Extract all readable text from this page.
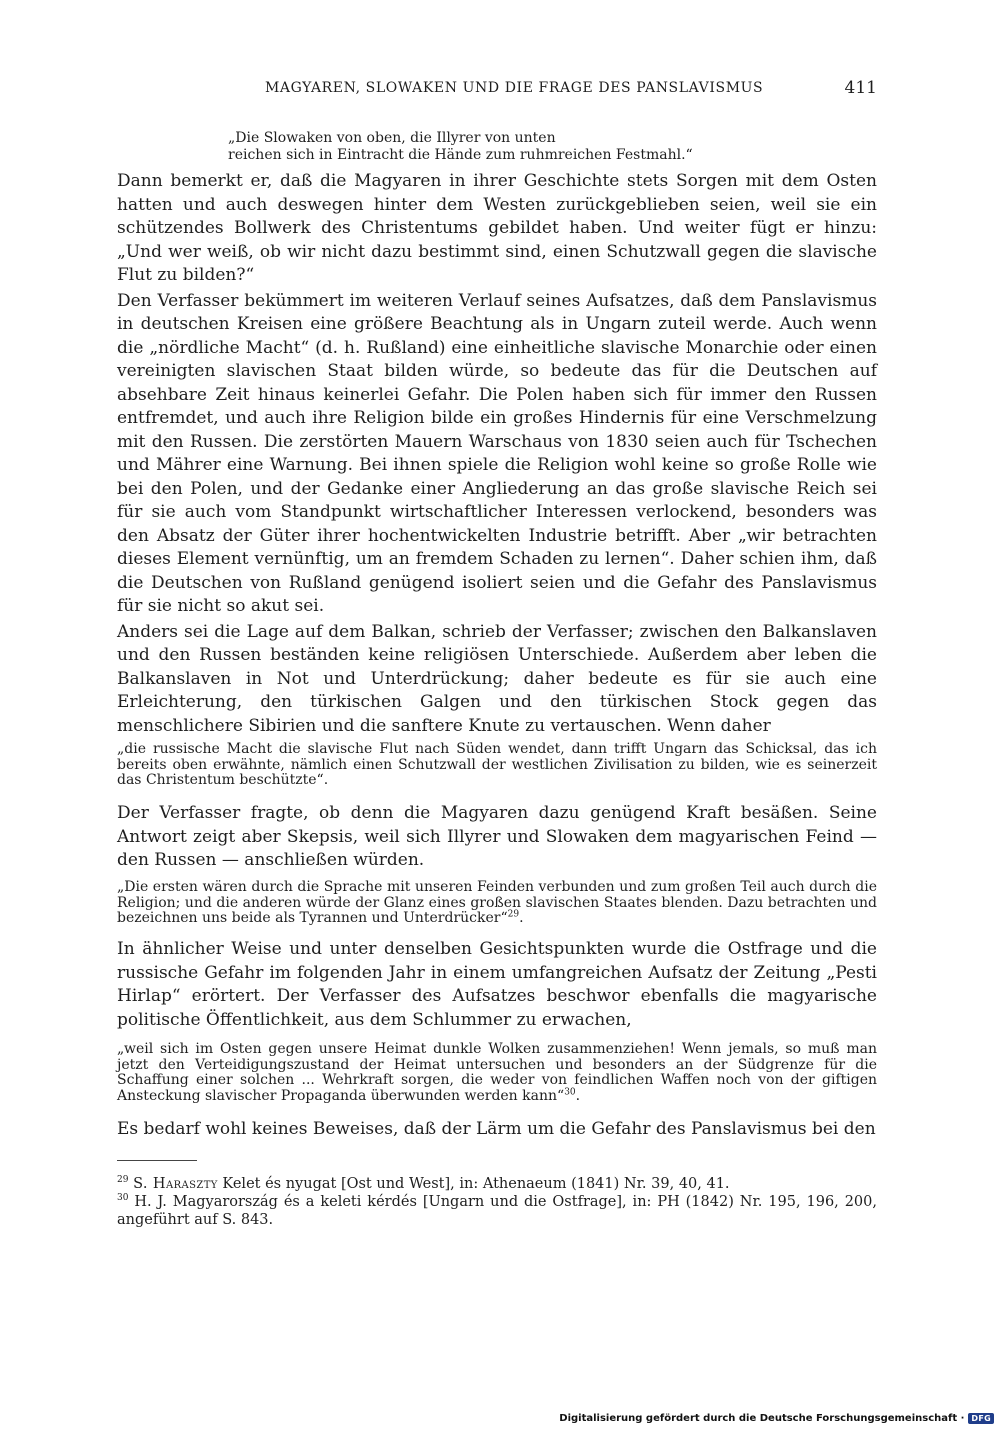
MAGYAREN, SLOWAKEN UND DIE FRAGE DES PANSLAVISMUS	411
„Die Slowaken von oben, die Illyrer von unten
reichen sich in Eintracht die Hände zum ruhmreichen Festmahl.“

Dann bemerkt er, daß die Magyaren in ihrer Geschichte stets Sorgen mit dem Osten hatten und auch deswegen hinter dem Westen zurückgeblieben seien, weil sie ein schützendes Bollwerk des Christentums gebildet haben. Und weiter fügt er hinzu: „Und wer weiß, ob wir nicht dazu bestimmt sind, einen Schutzwall gegen die slavische Flut zu bilden?“

Den Verfasser bekümmert im weiteren Verlauf seines Aufsatzes, daß dem Panslavismus in deutschen Kreisen eine größere Beachtung als in Ungarn zuteil werde. Auch wenn die „nördliche Macht“ (d. h. Rußland) eine einheitliche slavische Monarchie oder einen vereinigten slavischen Staat bilden würde, so bedeute das für die Deutschen auf absehbare Zeit hinaus keinerlei Gefahr. Die Polen haben sich für immer den Russen entfremdet, und auch ihre Religion bilde ein großes Hindernis für eine Verschmelzung mit den Russen. Die zerstörten Mauern Warschaus von 1830 seien auch für Tschechen und Mährer eine Warnung. Bei ihnen spiele die Religion wohl keine so große Rolle wie bei den Polen, und der Gedanke einer Angliederung an das große slavische Reich sei für sie auch vom Standpunkt wirtschaftlicher Interessen verlockend, besonders was den Absatz der Güter ihrer hochentwickelten Industrie betrifft. Aber „wir betrachten dieses Element vernünftig, um an fremdem Schaden zu lernen“. Daher schien ihm, daß die Deutschen von Rußland genügend isoliert seien und die Gefahr des Panslavismus für sie nicht so akut sei.

Anders sei die Lage auf dem Balkan, schrieb der Verfasser; zwischen den Balkanslaven und den Russen beständen keine religiösen Unterschiede. Außerdem aber leben die Balkanslaven in Not und Unterdrückung; daher bedeute es für sie auch eine Erleichterung, den türkischen Galgen und den türkischen Stock gegen das menschlichere Sibirien und die sanftere Knute zu vertauschen. Wenn daher

„die russische Macht die slavische Flut nach Süden wendet, dann trifft Ungarn das Schicksal, das ich bereits oben erwähnte, nämlich einen Schutzwall der westlichen Zivilisation zu bilden, wie es seinerzeit das Christentum beschützte“.

Der Verfasser fragte, ob denn die Magyaren dazu genügend Kraft besäßen. Seine Antwort zeigt aber Skepsis, weil sich Illyrer und Slowaken dem magyarischen Feind — den Russen — anschließen würden.

„Die ersten wären durch die Sprache mit unseren Feinden verbunden und zum großen Teil auch durch die Religion; und die anderen würde der Glanz eines großen slavischen Staates blenden. Dazu betrachten und bezeichnen uns beide als Tyrannen und Unterdrücker“$^{29}$.

In ähnlicher Weise und unter denselben Gesichtspunkten wurde die Ostfrage und die russische Gefahr im folgenden Jahr in einem umfangreichen Aufsatz der Zeitung „Pesti Hirlap“ erörtert. Der Verfasser des Aufsatzes beschwor ebenfalls die magyarische politische Öffentlichkeit, aus dem Schlummer zu erwachen,

„weil sich im Osten gegen unsere Heimat dunkle Wolken zusammenziehen! Wenn jemals, so muß man jetzt den Verteidigungszustand der Heimat untersuchen und besonders an der Südgrenze für die Schaffung einer solchen ... Wehrkraft sorgen, die weder von feindlichen Waffen noch von der giftigen Ansteckung slavischer Propaganda überwunden werden kann“$^{30}$.

Es bedarf wohl keines Beweises, daß der Lärm um die Gefahr des Panslavismus bei den

$^{29}$ S. Haraszty Kelet és nyugat [Ost und West], in: Athenaeum (1841) Nr. 39, 40, 41.

$^{30}$ H. J. Magyarország és a keleti kérdés [Ungarn und die Ostfrage], in: PH (1842) Nr. 195, 196, 200, angeführt auf S. 843.

Digitalisierung gefördert durch die Deutsche Forschungsgemeinschaft · DFG
